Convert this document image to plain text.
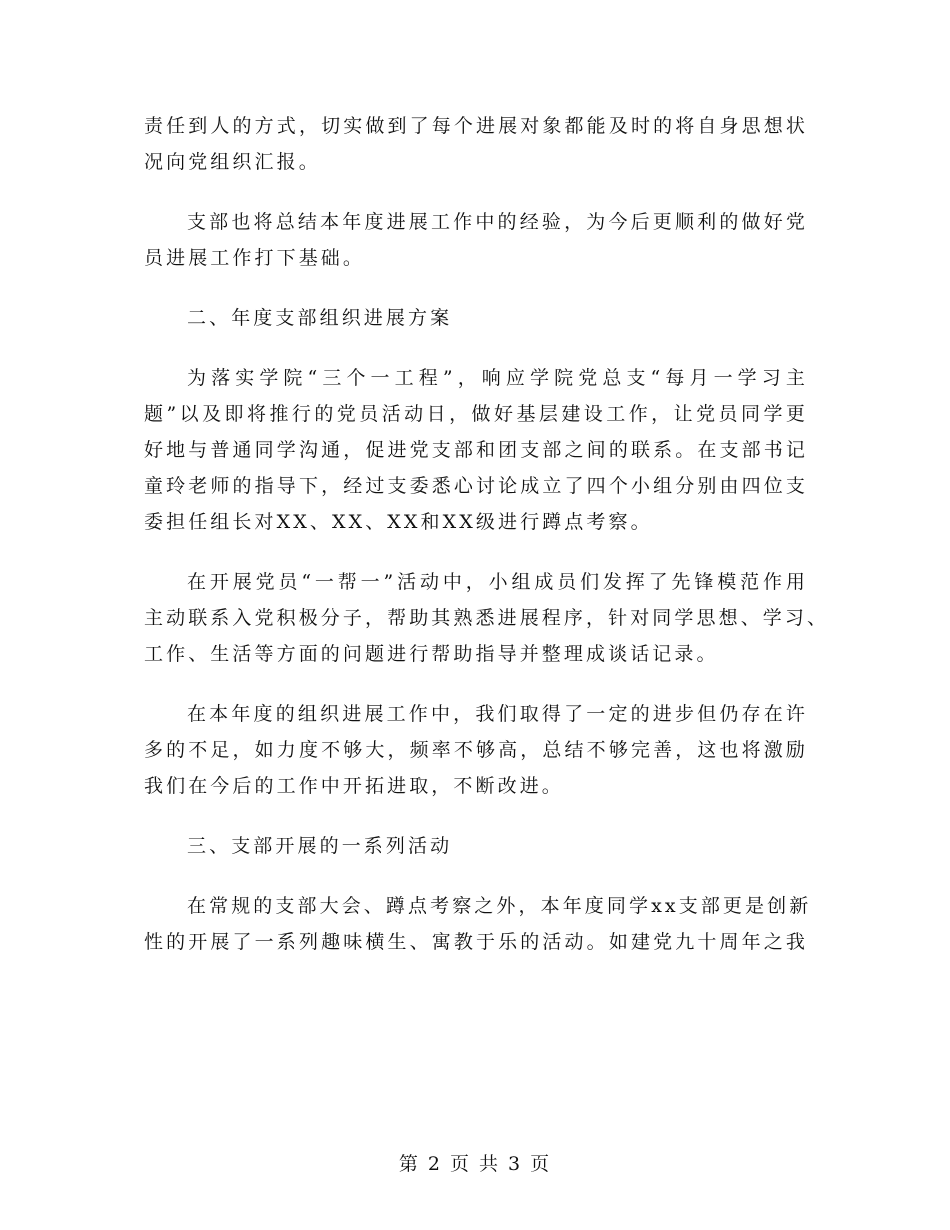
责任到人的方式，切实做到了每个进展对象都能及时的将自身思想状
况向党组织汇报。
支部也将总结本年度进展工作中的经验，为今后更顺利的做好党
员进展工作打下基础。
二、年度支部组织进展方案
为落实学院“三个一工程”，响应学院党总支“每月一学习主
题”以及即将推行的党员活动日，做好基层建设工作，让党员同学更
好地与普通同学沟通，促进党支部和团支部之间的联系。在支部书记
童玲老师的指导下，经过支委悉心讨论成立了四个小组分别由四位支
委担任组长对XX、XX、XX和XX级进行蹲点考察。
在开展党员“一帮一”活动中，小组成员们发挥了先锋模范作用
主动联系入党积极分子，帮助其熟悉进展程序，针对同学思想、学习、
工作、生活等方面的问题进行帮助指导并整理成谈话记录。
在本年度的组织进展工作中，我们取得了一定的进步但仍存在许
多的不足，如力度不够大，频率不够高，总结不够完善，这也将激励
我们在今后的工作中开拓进取，不断改进。
三、支部开展的一系列活动
在常规的支部大会、蹲点考察之外，本年度同学xx支部更是创新
性的开展了一系列趣味横生、寓教于乐的活动。如建党九十周年之我
第 2 页 共 3 页
